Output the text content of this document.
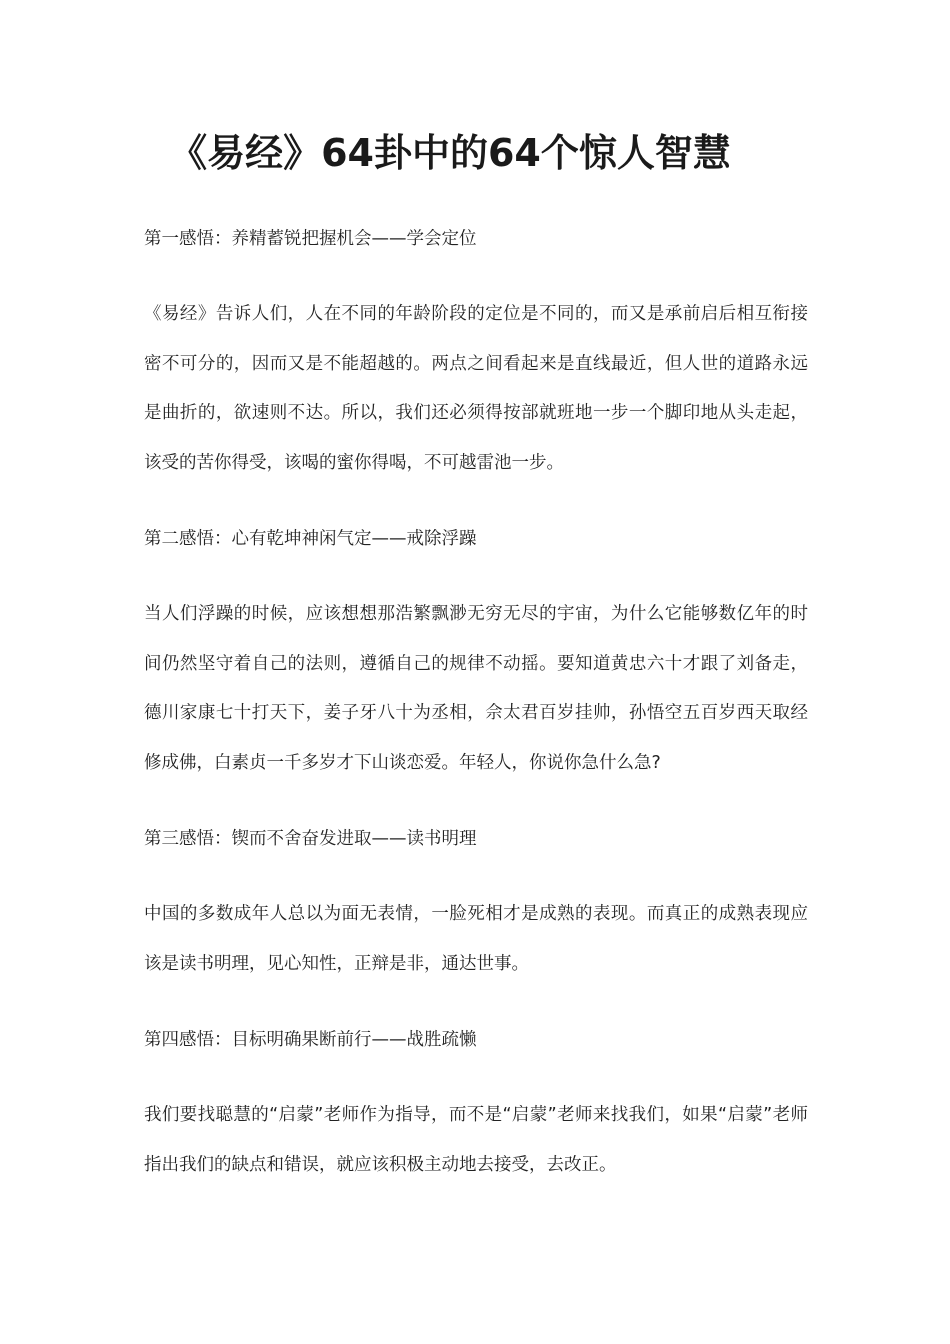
《易经》64卦中的64个惊人智慧

第一感悟：养精蓄锐把握机会——学会定位

《易经》告诉人们，人在不同的年龄阶段的定位是不同的，而又是承前启后相互衔接密不可分的，因而又是不能超越的。两点之间看起来是直线最近，但人世的道路永远是曲折的，欲速则不达。所以，我们还必须得按部就班地一步一个脚印地从头走起，该受的苦你得受，该喝的蜜你得喝，不可越雷池一步。

第二感悟：心有乾坤神闲气定——戒除浮躁

当人们浮躁的时候，应该想想那浩繁飘渺无穷无尽的宇宙，为什么它能够数亿年的时间仍然坚守着自己的法则，遵循自己的规律不动摇。要知道黄忠六十才跟了刘备走，德川家康七十打天下，姜子牙八十为丞相，佘太君百岁挂帅，孙悟空五百岁西天取经修成佛，白素贞一千多岁才下山谈恋爱。年轻人，你说你急什么急?

第三感悟：锲而不舍奋发进取——读书明理

中国的多数成年人总以为面无表情，一脸死相才是成熟的表现。而真正的成熟表现应该是读书明理，见心知性，正辩是非，通达世事。

第四感悟：目标明确果断前行——战胜疏懒

我们要找聪慧的“启蒙”老师作为指导，而不是“启蒙”老师来找我们，如果“启蒙”老师指出我们的缺点和错误，就应该积极主动地去接受，去改正。
